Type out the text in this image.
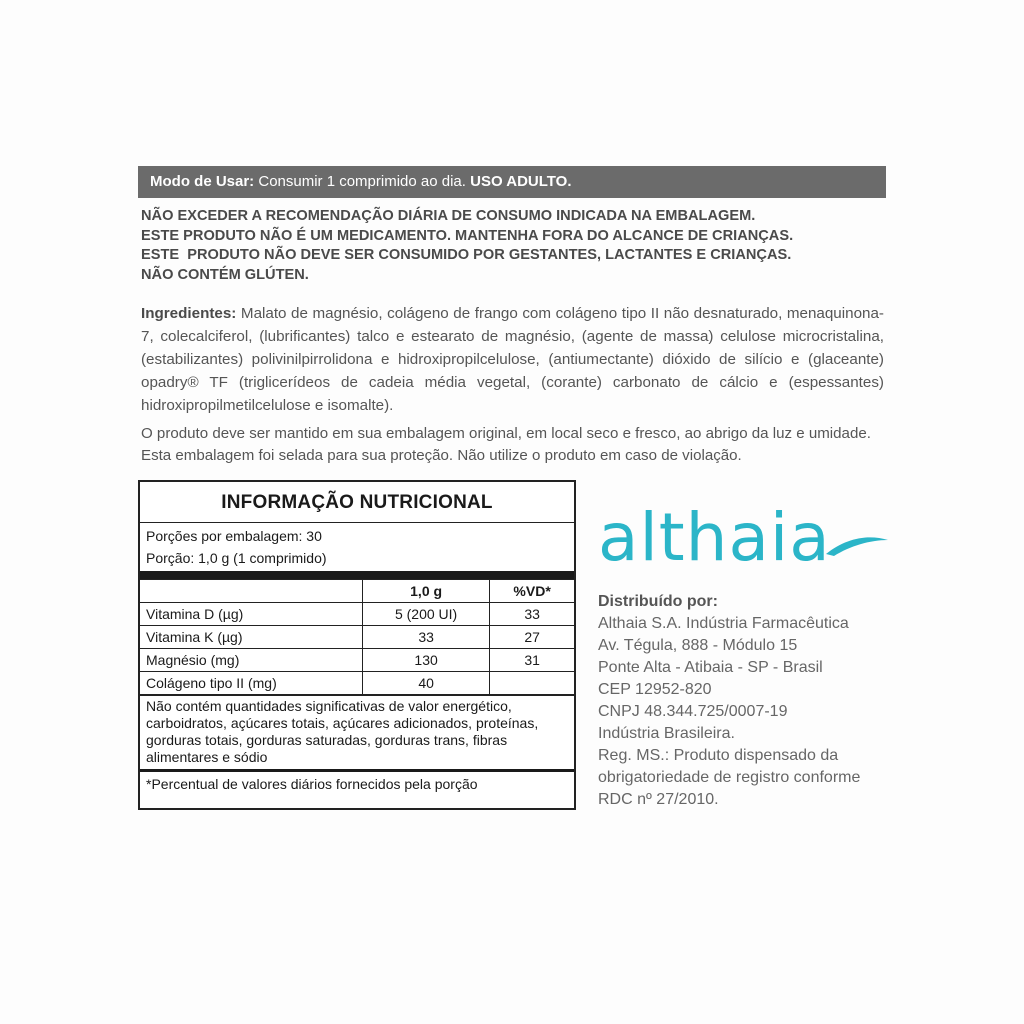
Modo de Usar: Consumir 1 comprimido ao dia. USO ADULTO.
NÃO EXCEDER A RECOMENDAÇÃO DIÁRIA DE CONSUMO INDICADA NA EMBALAGEM.
ESTE PRODUTO NÃO É UM MEDICAMENTO. MANTENHA FORA DO ALCANCE DE CRIANÇAS.
ESTE  PRODUTO NÃO DEVE SER CONSUMIDO POR GESTANTES, LACTANTES E CRIANÇAS.
NÃO CONTÉM GLÚTEN.
Ingredientes: Malato de magnésio, colágeno de frango com colágeno tipo II não desnaturado, menaquinona-7, colecalciferol, (lubrificantes) talco e estearato de magnésio, (agente de massa) celulose microcristalina, (estabilizantes) polivinilpirrolidona e hidroxipropilcelulose, (antiumectante) dióxido de silício e (glaceante) opadry® TF (triglicerídeos de cadeia média vegetal, (corante) carbonato de cálcio e (espessantes) hidroxipropilmetilcelulose e isomalte).
O produto deve ser mantido em sua embalagem original, em local seco e fresco, ao abrigo da luz e umidade.
Esta embalagem foi selada para sua proteção. Não utilize o produto em caso de violação.
INFORMAÇÃO NUTRICIONAL
Porções por embalagem: 30
Porção: 1,0 g (1 comprimido)
	1,0 g	%VD*
Vitamina D (µg)	5 (200 UI)	33
Vitamina K (µg)	33	27
Magnésio (mg)	130	31
Colágeno tipo II (mg)	40	
Não contém quantidades significativas de valor energético, carboidratos, açúcares totais, açúcares adicionados, proteínas, gorduras totais, gorduras saturadas, gorduras trans, fibras alimentares e sódio
*Percentual de valores diários fornecidos pela porção
althaia
Distribuído por:
Althaia S.A. Indústria Farmacêutica
Av. Tégula, 888 - Módulo 15
Ponte Alta - Atibaia - SP - Brasil
CEP 12952-820
CNPJ 48.344.725/0007-19
Indústria Brasileira.
Reg. MS.: Produto dispensado da
obrigatoriedade de registro conforme
RDC nº 27/2010.
